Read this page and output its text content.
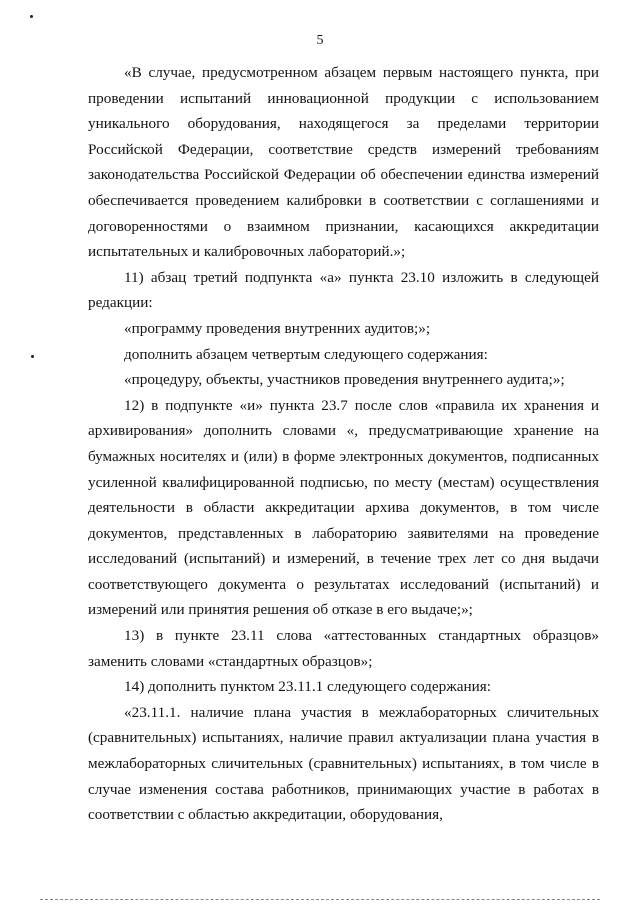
5

«В случае, предусмотренном абзацем первым настоящего пункта, при проведении испытаний инновационной продукции с использованием уникального оборудования, находящегося за пределами территории Российской Федерации, соответствие средств измерений требованиям законодательства Российской Федерации об обеспечении единства измерений обеспечивается проведением калибровки в соответствии с соглашениями и договоренностями о взаимном признании, касающихся аккредитации испытательных и калибровочных лабораторий.»;

11) абзац третий подпункта «а» пункта 23.10 изложить в следующей редакции:

«программу проведения внутренних аудитов;»;

дополнить абзацем четвертым следующего содержания:

«процедуру, объекты, участников проведения внутреннего аудита;»;

12) в подпункте «и» пункта 23.7 после слов «правила их хранения и архивирования» дополнить словами «, предусматривающие хранение на бумажных носителях и (или) в форме электронных документов, подписанных усиленной квалифицированной подписью, по месту (местам) осуществления деятельности в области аккредитации архива документов, в том числе документов, представленных в лабораторию заявителями на проведение исследований (испытаний) и измерений, в течение трех лет со дня выдачи соответствующего документа о результатах исследований (испытаний) и измерений или принятия решения об отказе в его выдаче;»;

13) в пункте 23.11 слова «аттестованных стандартных образцов» заменить словами «стандартных образцов»;

14) дополнить пунктом 23.11.1 следующего содержания:

«23.11.1. наличие плана участия в межлабораторных сличительных (сравнительных) испытаниях, наличие правил актуализации плана участия в межлабораторных сличительных (сравнительных) испытаниях, в том числе в случае изменения состава работников, принимающих участие в работах в соответствии с областью аккредитации, оборудования,
